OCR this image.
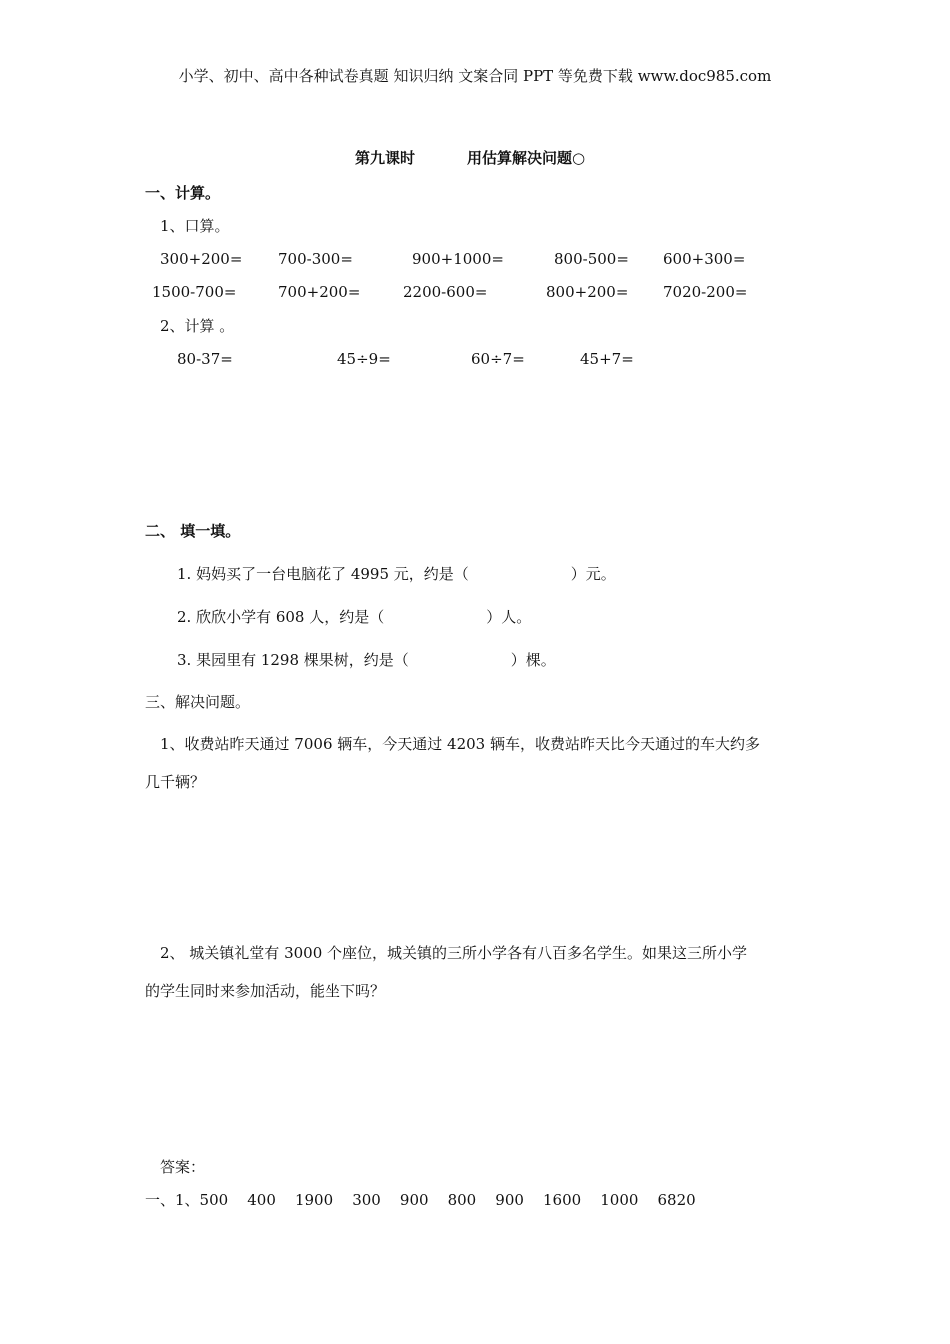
小学、初中、高中各种试卷真题 知识归纳 文案合同 PPT 等免费下载 www.doc985.com
第九课时	用估算解决问题○
一、计算。
1、口算。
300+200= 700-300=	900+1000=	800-500= 600+300=
1500-700=	700+200=	2200-600=	800+200= 7020-200=
2、计算 。
80-37=	45÷9=	60÷7=	45+7=
二、 填一填。
1. 妈妈买了一台电脑花了 4995 元，约是（	）元。
2. 欣欣小学有 608 人，约是（	）人。
3. 果园里有 1298 棵果树，约是（	）棵。
三、解决问题。
1、收费站昨天通过 7006 辆车，今天通过 4203 辆车，收费站昨天比今天通过的车大约多
几千辆？
2、 城关镇礼堂有 3000 个座位，城关镇的三所小学各有八百多名学生。如果这三所小学
的学生同时来参加活动，能坐下吗？
答案：
一、1、500    400    1900    300    900    800    900    1600    1000    6820
